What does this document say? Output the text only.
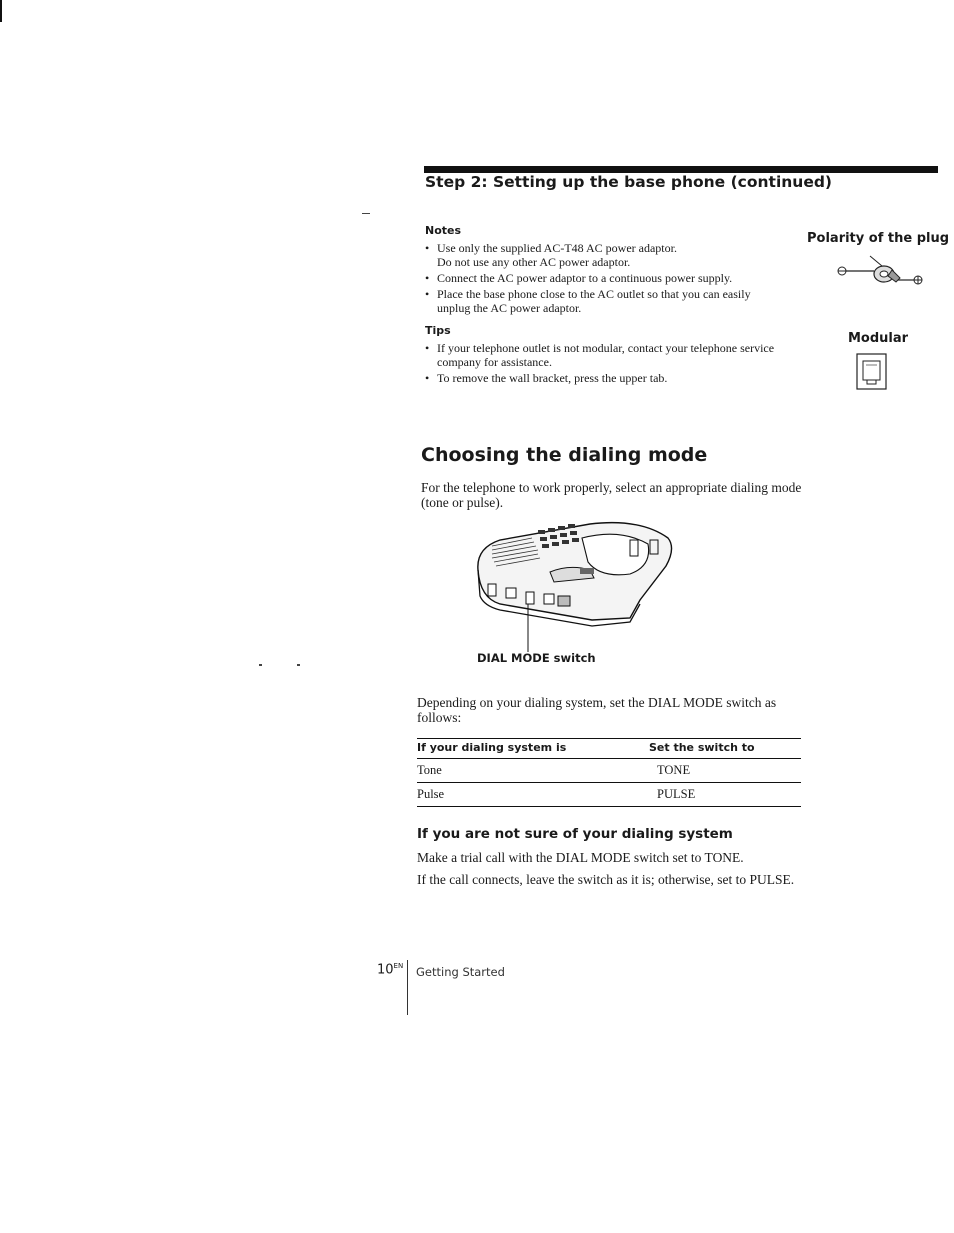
Step 2: Setting up the base phone (continued)
Notes
• Use only the supplied AC-T48 AC power adaptor.
Do not use any other AC power adaptor.
• Connect the AC power adaptor to a continuous power supply.
• Place the base phone close to the AC outlet so that you can easily
unplug the AC power adaptor.
Tips
• If your telephone outlet is not modular, contact your telephone service
company for assistance.
• To remove the wall bracket, press the upper tab.
Polarity of the plug
Modular
Choosing the dialing mode
For the telephone to work properly, select an appropriate dialing mode
(tone or pulse).
DIAL MODE switch
Depending on your dialing system, set the DIAL MODE switch as
follows:
If your dialing system is	Set the switch to
Tone	TONE
Pulse	PULSE
If you are not sure of your dialing system
Make a trial call with the DIAL MODE switch set to TONE.
If the call connects, leave the switch as it is; otherwise, set to PULSE.
$10^{EN}$ Getting Started
